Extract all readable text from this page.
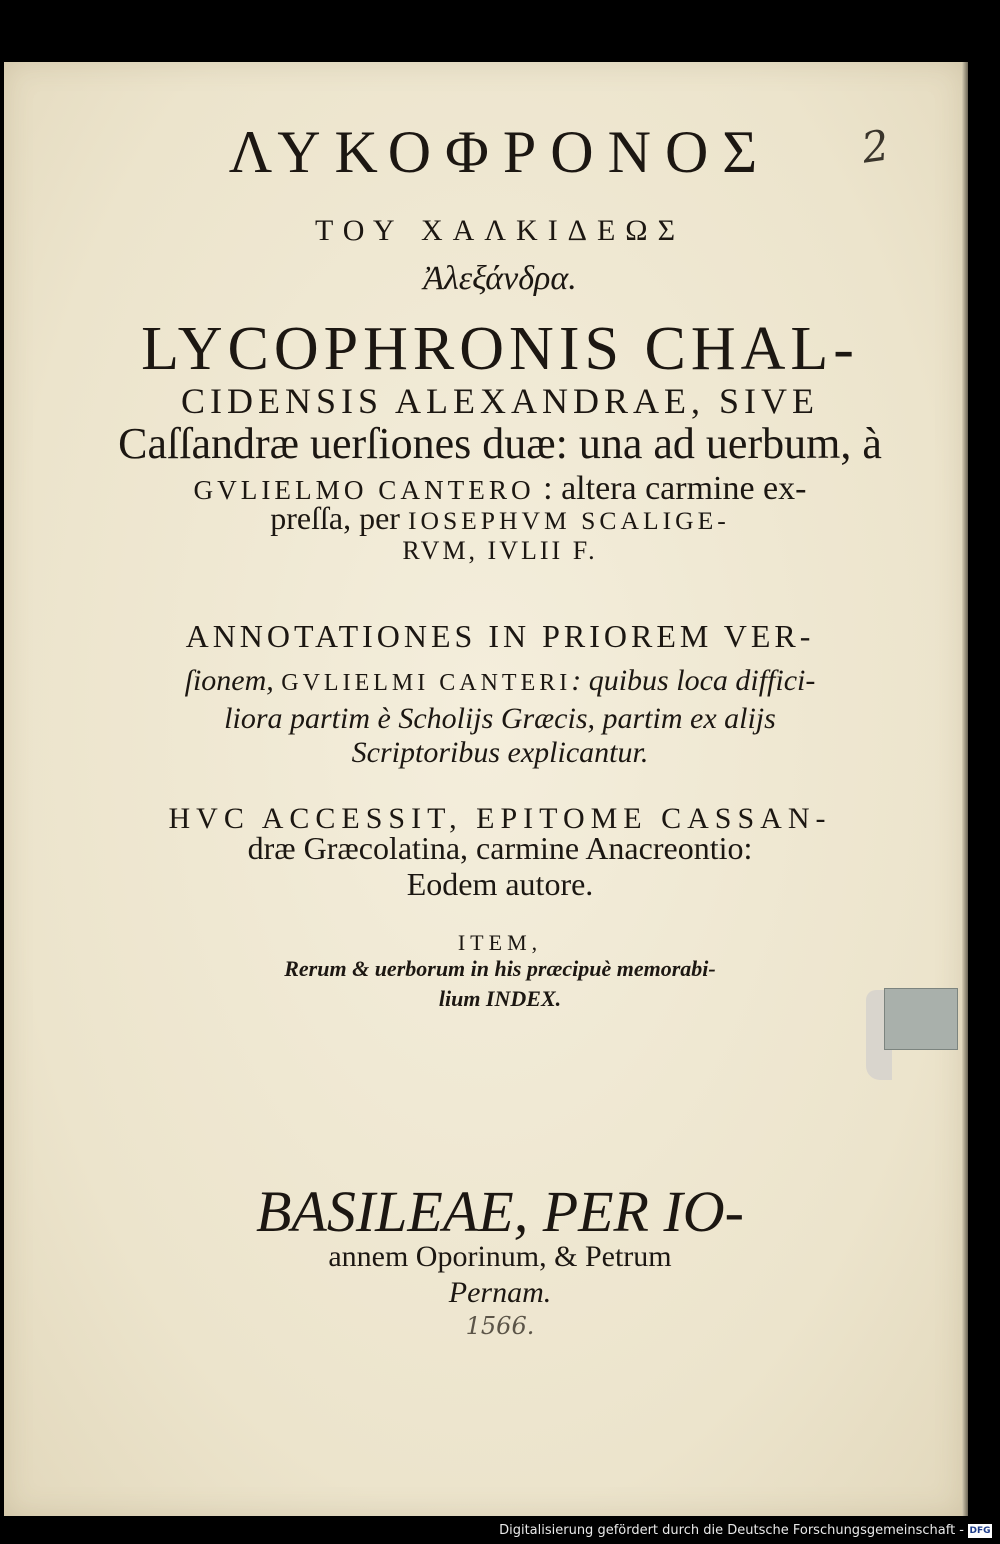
2
ΛΥΚΟΦΡΟΝΟΣ
ΤΟΥ ΧΑΛΚΙΔΕΩΣ
Ἀλεξάνδρα.
LYCOPHRONIS CHAL-
CIDENSIS ALEXANDRAE, SIVE
Caſſandræ uerſiones duæ: una ad uerbum, à
GVLIELMO CANTERO : altera carmine ex-
preſſa, per IOSEPHVM SCALIGE-
RVM, IVLII F.
ANNOTATIONES IN PRIOREM VER-
ſionem, GVLIELMI CANTERI: quibus loca diffici-
liora partim è Scholijs Græcis, partim ex alijs
Scriptoribus explicantur.
HVC ACCESSIT, EPITOME CASSAN-
dræ Græcolatina, carmine Anacreontio:
Eodem autore.
ITEM,
Rerum & uerborum in his præcipuè memorabi-
lium INDEX.
BASILEAE, PER IO-
annem Oporinum, & Petrum
Pernam.
1566.
Digitalisierung gefördert durch die Deutsche Forschungsgemeinschaft - DFG
